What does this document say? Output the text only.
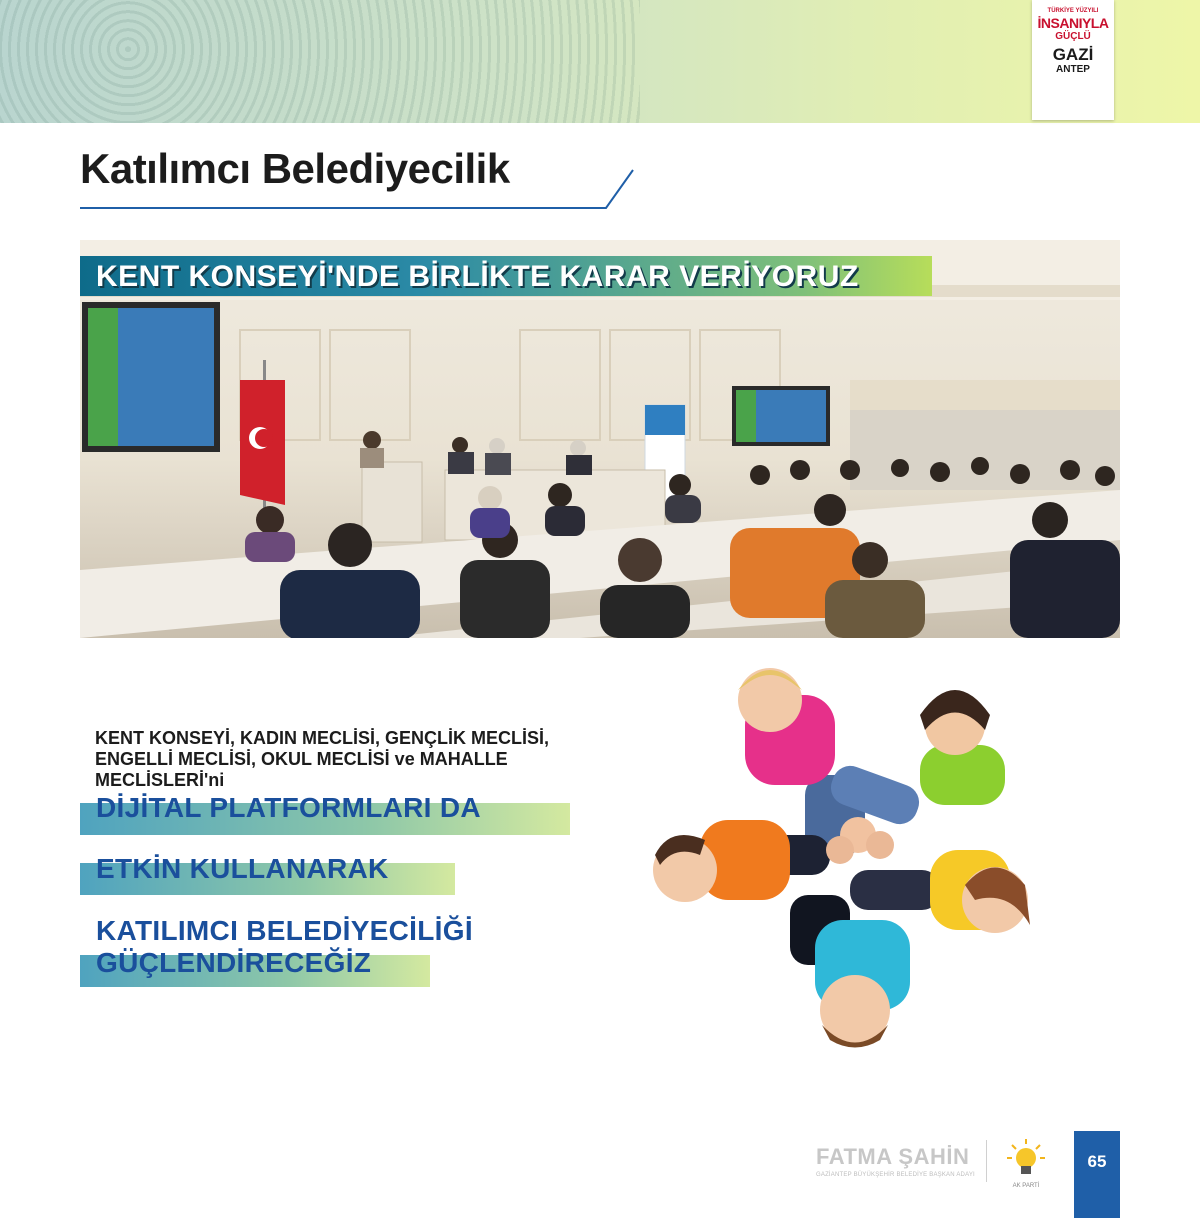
TÜRKİYE YÜZYILI
İNSANIYLA
GÜÇLÜ
GAZİ
ANTEP
Katılımcı Belediyecilik
KENT KONSEYİ'NDE BİRLİKTE KARAR VERİYORUZ

KENT KONSEYİ, KADIN MECLİSİ, GENÇLİK MECLİSİ, ENGELLİ MECLİSİ, OKUL MECLİSİ ve MAHALLE MECLİSLERİ'ni

DİJİTAL PLATFORMLARI DA
ETKİN KULLANARAK
KATILIMCI BELEDİYECİLİĞİ
GÜÇLENDİRECEĞİZ
FATMA ŞAHİN
GAZİANTEP BÜYÜKŞEHİR BELEDİYE BAŞKAN ADAYI
AK PARTİ
65
